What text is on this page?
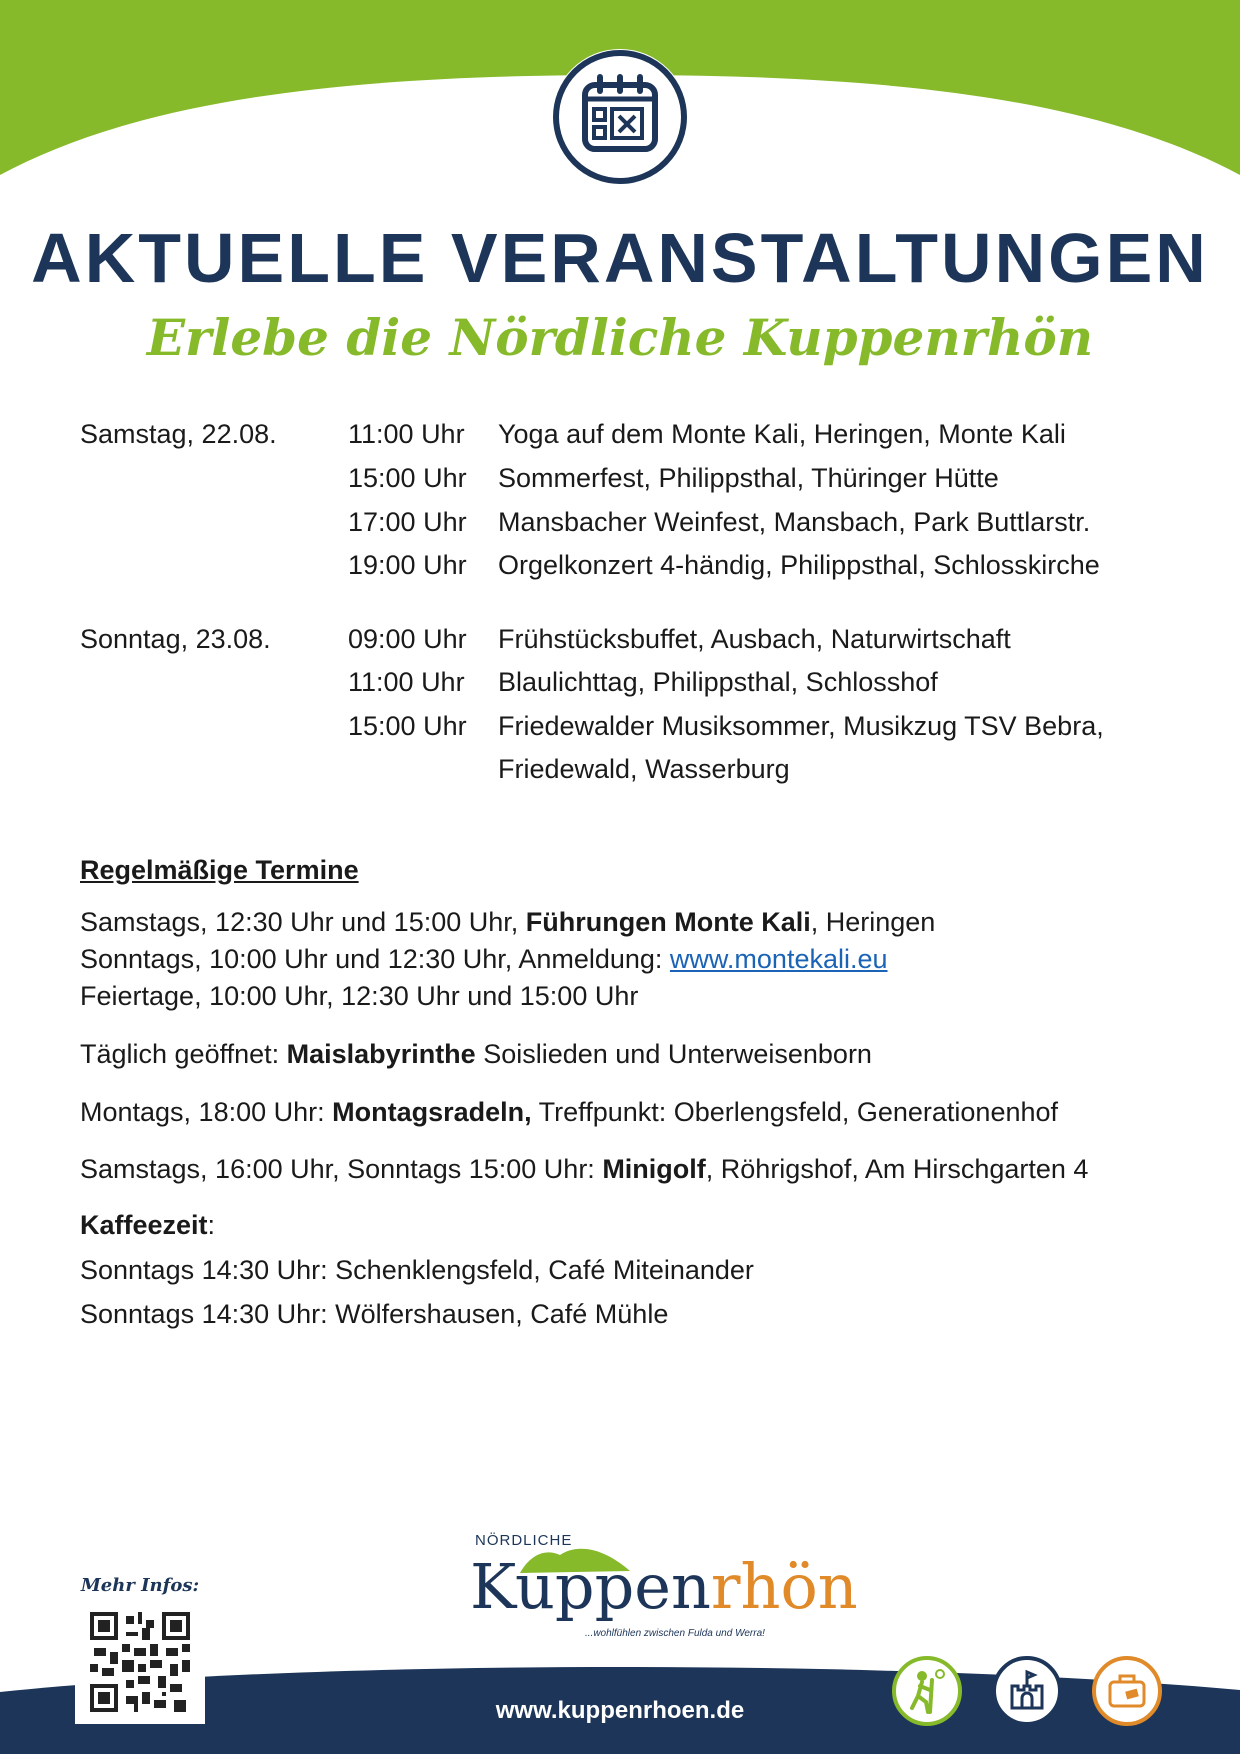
AKTUELLE VERANSTALTUNGEN
Erlebe die Nördliche Kuppenrhön
Samstag, 22.08.	11:00 Uhr Yoga auf dem Monte Kali, Heringen, Monte Kali
15:00 Uhr Sommerfest, Philippsthal, Thüringer Hütte
17:00 Uhr Mansbacher Weinfest, Mansbach, Park Buttlarstr.
19:00 Uhr Orgelkonzert 4-händig, Philippsthal, Schlosskirche
Sonntag, 23.08.	09:00 Uhr Frühstücksbuffet, Ausbach, Naturwirtschaft
11:00 Uhr Blaulichttag, Philippsthal, Schlosshof
15:00 Uhr Friedewalder Musiksommer, Musikzug TSV Bebra,
Friedewald, Wasserburg
Regelmäßige Termine
Samstags, 12:30 Uhr und 15:00 Uhr, Führungen Monte Kali, Heringen
Sonntags, 10:00 Uhr und 12:30 Uhr, Anmeldung: www.montekali.eu
Feiertage, 10:00 Uhr, 12:30 Uhr und 15:00 Uhr
Täglich geöffnet: Maislabyrinthe Soislieden und Unterweisenborn
Montags, 18:00 Uhr: Montagsradeln, Treffpunkt: Oberlengsfeld, Generationenhof
Samstags, 16:00 Uhr, Sonntags 15:00 Uhr: Minigolf, Röhrigshof, Am Hirschgarten 4
Kaffeezeit:
Sonntags 14:30 Uhr: Schenklengsfeld, Café Miteinander
Sonntags 14:30 Uhr: Wölfershausen, Café Mühle
www.kuppenrhoen.de
Mehr Infos:
NÖRDLICHE
Kuppenrhön
...wohlfühlen zwischen Fulda und Werra!
